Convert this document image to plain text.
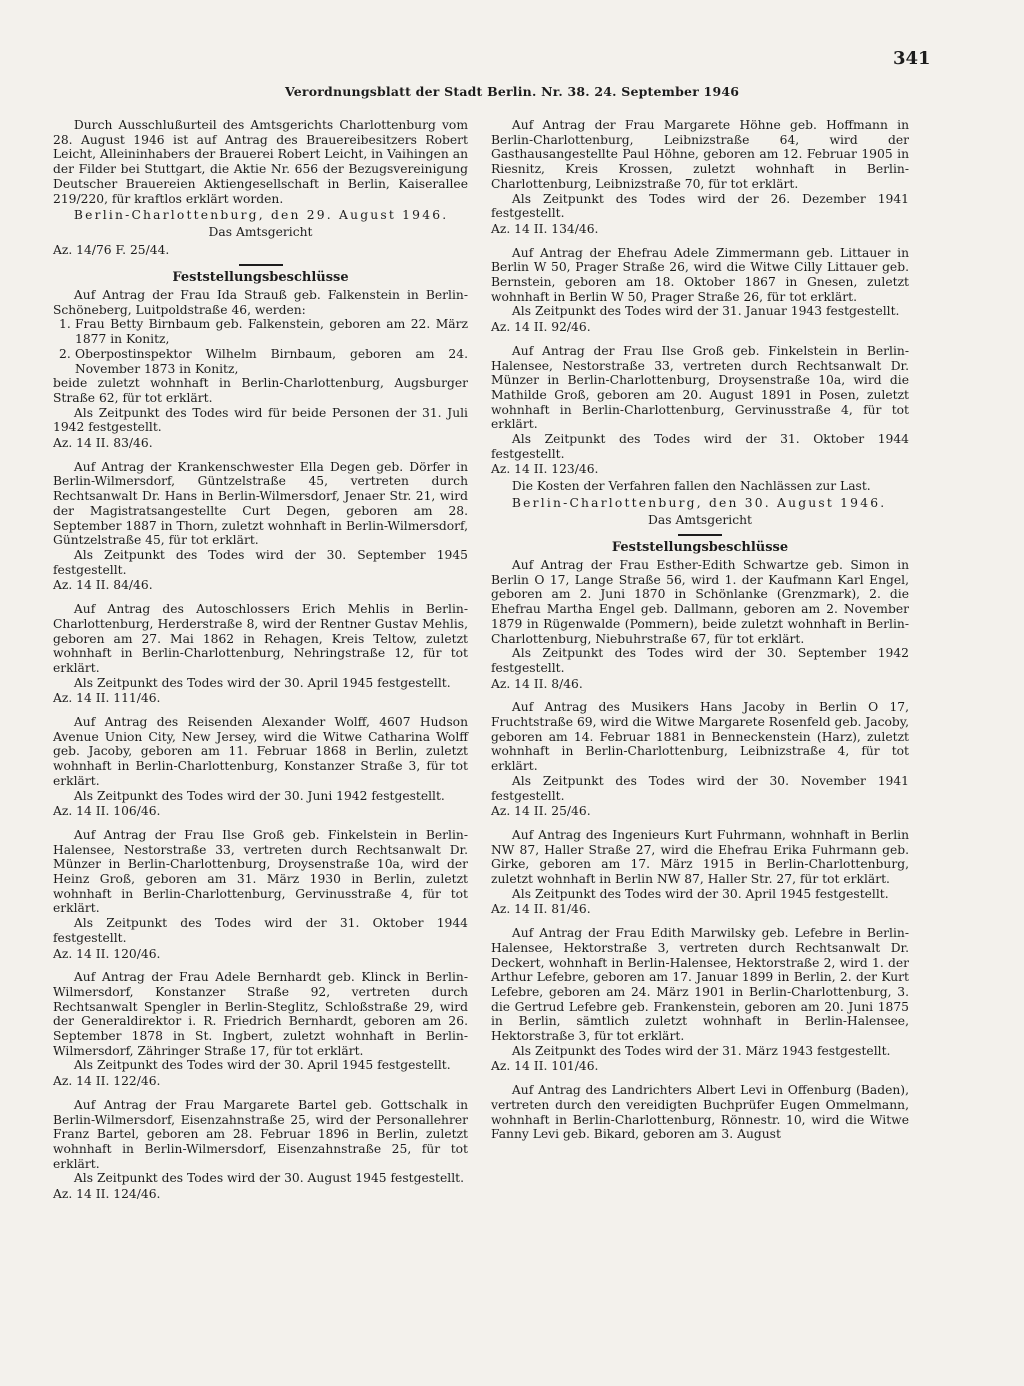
341
Verordnungsblatt der Stadt Berlin. Nr. 38. 24. September 1946

Durch Ausschlußurteil des Amtsgerichts Charlottenburg vom 28. August 1946 ist auf Antrag des Brauereibesitzers Robert Leicht, Alleininhabers der Brauerei Robert Leicht, in Vaihingen an der Filder bei Stuttgart, die Aktie Nr. 656 der Bezugsvereinigung Deutscher Brauereien Aktiengesellschaft in Berlin, Kaiserallee 219/220, für kraftlos erklärt worden.

Berlin-Charlottenburg, den 29. August 1946.

Das Amtsgericht

Az. 14/76 F. 25/44.

Feststellungsbeschlüsse

Auf Antrag der Frau Ida Strauß geb. Falkenstein in Berlin-Schöneberg, Luitpoldstraße 46, werden:

1. Frau Betty Birnbaum geb. Falkenstein, geboren am 22. März 1877 in Konitz,

2. Oberpostinspektor Wilhelm Birnbaum, geboren am 24. November 1873 in Konitz,

beide zuletzt wohnhaft in Berlin-Charlottenburg, Augsburger Straße 62, für tot erklärt.

Als Zeitpunkt des Todes wird für beide Personen der 31. Juli 1942 festgestellt.

Az. 14 II. 83/46.

Auf Antrag der Krankenschwester Ella Degen geb. Dörfer in Berlin-Wilmersdorf, Güntzelstraße 45, vertreten durch Rechtsanwalt Dr. Hans in Berlin-Wilmersdorf, Jenaer Str. 21, wird der Magistratsangestellte Curt Degen, geboren am 28. September 1887 in Thorn, zuletzt wohnhaft in Berlin-Wilmersdorf, Güntzelstraße 45, für tot erklärt.

Als Zeitpunkt des Todes wird der 30. September 1945 festgestellt.

Az. 14 II. 84/46.

Auf Antrag des Autoschlossers Erich Mehlis in Berlin-Charlottenburg, Herderstraße 8, wird der Rentner Gustav Mehlis, geboren am 27. Mai 1862 in Rehagen, Kreis Teltow, zuletzt wohnhaft in Berlin-Charlottenburg, Nehringstraße 12, für tot erklärt.

Als Zeitpunkt des Todes wird der 30. April 1945 festgestellt.

Az. 14 II. 111/46.

Auf Antrag des Reisenden Alexander Wolff, 4607 Hudson Avenue Union City, New Jersey, wird die Witwe Catharina Wolff geb. Jacoby, geboren am 11. Februar 1868 in Berlin, zuletzt wohnhaft in Berlin-Charlottenburg, Konstanzer Straße 3, für tot erklärt.

Als Zeitpunkt des Todes wird der 30. Juni 1942 festgestellt.

Az. 14 II. 106/46.

Auf Antrag der Frau Ilse Groß geb. Finkelstein in Berlin-Halensee, Nestorstraße 33, vertreten durch Rechtsanwalt Dr. Münzer in Berlin-Charlottenburg, Droysenstraße 10a, wird der Heinz Groß, geboren am 31. März 1930 in Berlin, zuletzt wohnhaft in Berlin-Charlottenburg, Gervinusstraße 4, für tot erklärt.

Als Zeitpunkt des Todes wird der 31. Oktober 1944 festgestellt.

Az. 14 II. 120/46.

Auf Antrag der Frau Adele Bernhardt geb. Klinck in Berlin-Wilmersdorf, Konstanzer Straße 92, vertreten durch Rechtsanwalt Spengler in Berlin-Steglitz, Schloßstraße 29, wird der Generaldirektor i. R. Friedrich Bernhardt, geboren am 26. September 1878 in St. Ingbert, zuletzt wohnhaft in Berlin-Wilmersdorf, Zähringer Straße 17, für tot erklärt.

Als Zeitpunkt des Todes wird der 30. April 1945 festgestellt.

Az. 14 II. 122/46.

Auf Antrag der Frau Margarete Bartel geb. Gottschalk in Berlin-Wilmersdorf, Eisenzahnstraße 25, wird der Personallehrer Franz Bartel, geboren am 28. Februar 1896 in Berlin, zuletzt wohnhaft in Berlin-Wilmersdorf, Eisenzahnstraße 25, für tot erklärt.

Als Zeitpunkt des Todes wird der 30. August 1945 festgestellt.

Az. 14 II. 124/46.

Auf Antrag der Frau Margarete Höhne geb. Hoffmann in Berlin-Charlottenburg, Leibnizstraße 64, wird der Gasthausangestellte Paul Höhne, geboren am 12. Februar 1905 in Riesnitz, Kreis Krossen, zuletzt wohnhaft in Berlin-Charlottenburg, Leibnizstraße 70, für tot erklärt.

Als Zeitpunkt des Todes wird der 26. Dezember 1941 festgestellt.

Az. 14 II. 134/46.

Auf Antrag der Ehefrau Adele Zimmermann geb. Littauer in Berlin W 50, Prager Straße 26, wird die Witwe Cilly Littauer geb. Bernstein, geboren am 18. Oktober 1867 in Gnesen, zuletzt wohnhaft in Berlin W 50, Prager Straße 26, für tot erklärt.

Als Zeitpunkt des Todes wird der 31. Januar 1943 festgestellt.

Az. 14 II. 92/46.

Auf Antrag der Frau Ilse Groß geb. Finkelstein in Berlin-Halensee, Nestorstraße 33, vertreten durch Rechtsanwalt Dr. Münzer in Berlin-Charlottenburg, Droysenstraße 10a, wird die Mathilde Groß, geboren am 20. August 1891 in Posen, zuletzt wohnhaft in Berlin-Charlottenburg, Gervinusstraße 4, für tot erklärt.

Als Zeitpunkt des Todes wird der 31. Oktober 1944 festgestellt.

Az. 14 II. 123/46.

Die Kosten der Verfahren fallen den Nachlässen zur Last.

Berlin-Charlottenburg, den 30. August 1946.

Das Amtsgericht

Feststellungsbeschlüsse

Auf Antrag der Frau Esther-Edith Schwartze geb. Simon in Berlin O 17, Lange Straße 56, wird 1. der Kaufmann Karl Engel, geboren am 2. Juni 1870 in Schönlanke (Grenzmark), 2. die Ehefrau Martha Engel geb. Dallmann, geboren am 2. November 1879 in Rügenwalde (Pommern), beide zuletzt wohnhaft in Berlin-Charlottenburg, Niebuhrstraße 67, für tot erklärt.

Als Zeitpunkt des Todes wird der 30. September 1942 festgestellt.

Az. 14 II. 8/46.

Auf Antrag des Musikers Hans Jacoby in Berlin O 17, Fruchtstraße 69, wird die Witwe Margarete Rosenfeld geb. Jacoby, geboren am 14. Februar 1881 in Benneckenstein (Harz), zuletzt wohnhaft in Berlin-Charlottenburg, Leibnizstraße 4, für tot erklärt.

Als Zeitpunkt des Todes wird der 30. November 1941 festgestellt.

Az. 14 II. 25/46.

Auf Antrag des Ingenieurs Kurt Fuhrmann, wohnhaft in Berlin NW 87, Haller Straße 27, wird die Ehefrau Erika Fuhrmann geb. Girke, geboren am 17. März 1915 in Berlin-Charlottenburg, zuletzt wohnhaft in Berlin NW 87, Haller Str. 27, für tot erklärt.

Als Zeitpunkt des Todes wird der 30. April 1945 festgestellt.

Az. 14 II. 81/46.

Auf Antrag der Frau Edith Marwilsky geb. Lefebre in Berlin-Halensee, Hektorstraße 3, vertreten durch Rechtsanwalt Dr. Deckert, wohnhaft in Berlin-Halensee, Hektorstraße 2, wird 1. der Arthur Lefebre, geboren am 17. Januar 1899 in Berlin, 2. der Kurt Lefebre, geboren am 24. März 1901 in Berlin-Charlottenburg, 3. die Gertrud Lefebre geb. Frankenstein, geboren am 20. Juni 1875 in Berlin, sämtlich zuletzt wohnhaft in Berlin-Halensee, Hektorstraße 3, für tot erklärt.

Als Zeitpunkt des Todes wird der 31. März 1943 festgestellt.

Az. 14 II. 101/46.

Auf Antrag des Landrichters Albert Levi in Offenburg (Baden), vertreten durch den vereidigten Buchprüfer Eugen Ommelmann, wohnhaft in Berlin-Charlottenburg, Rönnestr. 10, wird die Witwe Fanny Levi geb. Bikard, geboren am 3. August
